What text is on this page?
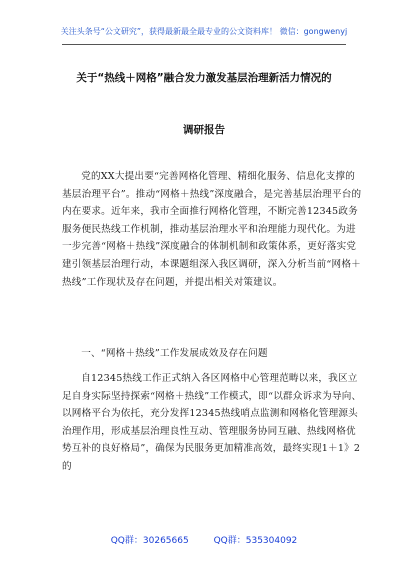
关注头条号“公文研究”，获得最新最全最专业的公文资料库！ 微信：gongwenyj
关于“热线＋网格”融合发力激发基层治理新活力情况的
调研报告
党的XX大提出要“完善网格化管理、精细化服务、信息化支撑的基层治理平台”。推动“网格＋热线”深度融合，是完善基层治理平台的内在要求。近年来，我市全面推行网格化管理，不断完善12345政务服务便民热线工作机制，推动基层治理水平和治理能力现代化。为进一步完善“网格＋热线”深度融合的体制机制和政策体系，更好落实党建引领基层治理行动，本课题组深入我区调研，深入分析当前“网格＋热线”工作现状及存在问题，并提出相关对策建议。
一、“网格＋热线”工作发展成效及存在问题
自12345热线工作正式纳入各区网格中心管理范畴以来，我区立足自身实际坚持探索“网格＋热线”工作模式，即“以群众诉求为导向、以网格平台为依托，充分发挥12345热线哨点监测和网格化管理源头治理作用，形成基层治理良性互动、管理服务协同互融、热线网格优势互补的良好格局”，确保为民服务更加精准高效，最终实现1＋1》2的
QQ群：30265665	QQ群：535304092
